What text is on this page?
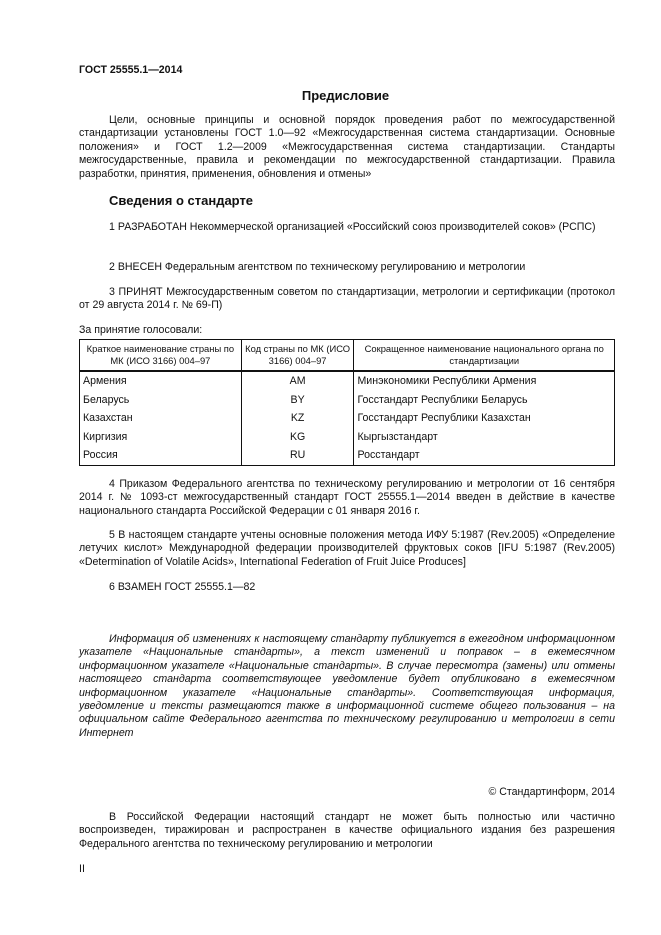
ГОСТ 25555.1—2014
Предисловие
Цели, основные принципы и основной порядок проведения работ по межгосударственной стандартизации установлены ГОСТ 1.0—92 «Межгосударственная система стандартизации. Основные положения» и ГОСТ 1.2—2009 «Межгосударственная система стандартизации. Стандарты межгосударственные, правила и рекомендации по межгосударственной стандартизации. Правила разработки, принятия, применения, обновления и отмены»
Сведения о стандарте
1 РАЗРАБОТАН Некоммерческой организацией «Российский союз производителей соков» (РСПС)
2 ВНЕСЕН Федеральным агентством по техническому регулированию и метрологии
3 ПРИНЯТ Межгосударственным советом по стандартизации, метрологии и сертификации (протокол от 29 августа 2014 г. № 69-П)
За принятие голосовали:
Краткое наименование страны по МК (ИСО 3166) 004–97	Код страны по МК (ИСО 3166) 004–97	Сокращенное наименование национального органа по стандартизации
Армения	AM	Минэкономики Республики Армения
Беларусь	BY	Госстандарт Республики Беларусь
Казахстан	KZ	Госстандарт Республики Казахстан
Киргизия	KG	Кыргызстандарт
Россия	RU	Росстандарт
4 Приказом Федерального агентства по техническому регулированию и метрологии от 16 сентября 2014 г. № 1093-ст межгосударственный стандарт ГОСТ 25555.1—2014 введен в действие в качестве национального стандарта Российской Федерации с 01 января 2016 г.
5 В настоящем стандарте учтены основные положения метода ИФУ 5:1987 (Rev.2005) «Определение летучих кислот» Международной федерации производителей фруктовых соков [IFU 5:1987 (Rev.2005) «Determination of Volatile Acids», International Federation of Fruit Juice Produces]
6 ВЗАМЕН ГОСТ 25555.1—82
Информация об изменениях к настоящему стандарту публикуется в ежегодном информационном указателе «Национальные стандарты», а текст изменений и поправок – в ежемесячном информационном указателе «Национальные стандарты». В случае пересмотра (замены) или отмены настоящего стандарта соответствующее уведомление будет опубликовано в ежемесячном информационном указателе «Национальные стандарты». Соответствующая информация, уведомление и тексты размещаются также в информационной системе общего пользования – на официальном сайте Федерального агентства по техническому регулированию и метрологии в сети Интернет
© Стандартинформ, 2014
В Российской Федерации настоящий стандарт не может быть полностью или частично воспроизведен, тиражирован и распространен в качестве официального издания без разрешения Федерального агентства по техническому регулированию и метрологии
II
